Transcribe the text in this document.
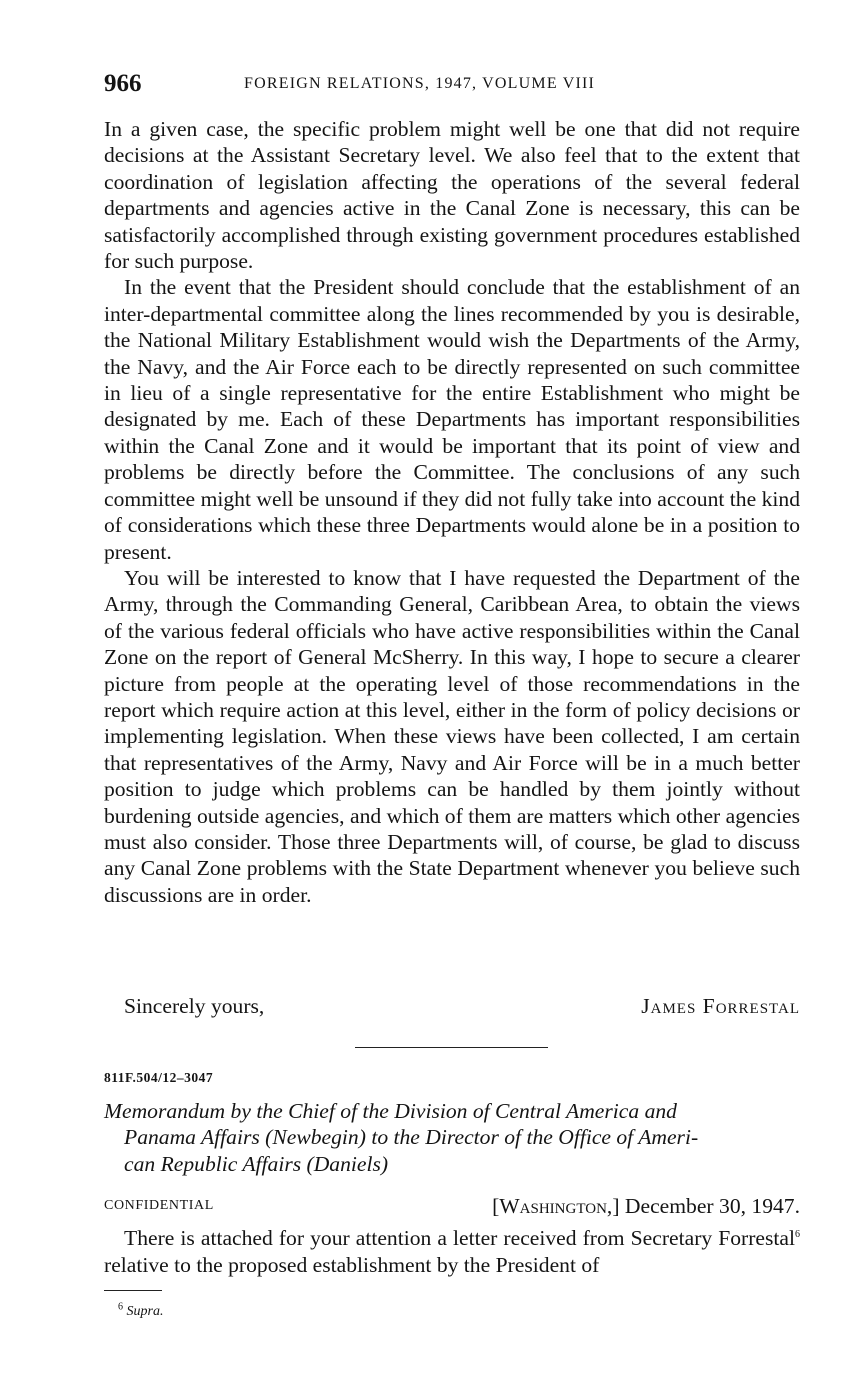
966	FOREIGN RELATIONS, 1947, VOLUME VIII

In a given case, the specific problem might well be one that did not require decisions at the Assistant Secretary level. We also feel that to the extent that coordination of legislation affecting the operations of the several federal departments and agencies active in the Canal Zone is necessary, this can be satisfactorily accomplished through existing government procedures established for such purpose.

In the event that the President should conclude that the establishment of an inter-departmental committee along the lines recommended by you is desirable, the National Military Establishment would wish the Departments of the Army, the Navy, and the Air Force each to be directly represented on such committee in lieu of a single representative for the entire Establishment who might be designated by me. Each of these Departments has important responsibilities within the Canal Zone and it would be important that its point of view and problems be directly before the Committee. The conclusions of any such committee might well be unsound if they did not fully take into account the kind of considerations which these three Departments would alone be in a position to present.

You will be interested to know that I have requested the Department of the Army, through the Commanding General, Caribbean Area, to obtain the views of the various federal officials who have active responsibilities within the Canal Zone on the report of General McSherry. In this way, I hope to secure a clearer picture from people at the operating level of those recommendations in the report which require action at this level, either in the form of policy decisions or implementing legislation. When these views have been collected, I am certain that representatives of the Army, Navy and Air Force will be in a much better position to judge which problems can be handled by them jointly without burdening outside agencies, and which of them are matters which other agencies must also consider. Those three Departments will, of course, be glad to discuss any Canal Zone problems with the State Department whenever you believe such discussions are in order.

Sincerely yours,	James Forrestal
811F.504/12–3047
Memorandum by the Chief of the Division of Central America and
Panama Affairs (Newbegin) to the Director of the Office of Ameri-
can Republic Affairs (Daniels)
CONFIDENTIAL	[Washington,] December 30, 1947.

There is attached for your attention a letter received from Secretary Forrestal$^6$ relative to the proposed establishment by the President of

$^6$ Supra.
